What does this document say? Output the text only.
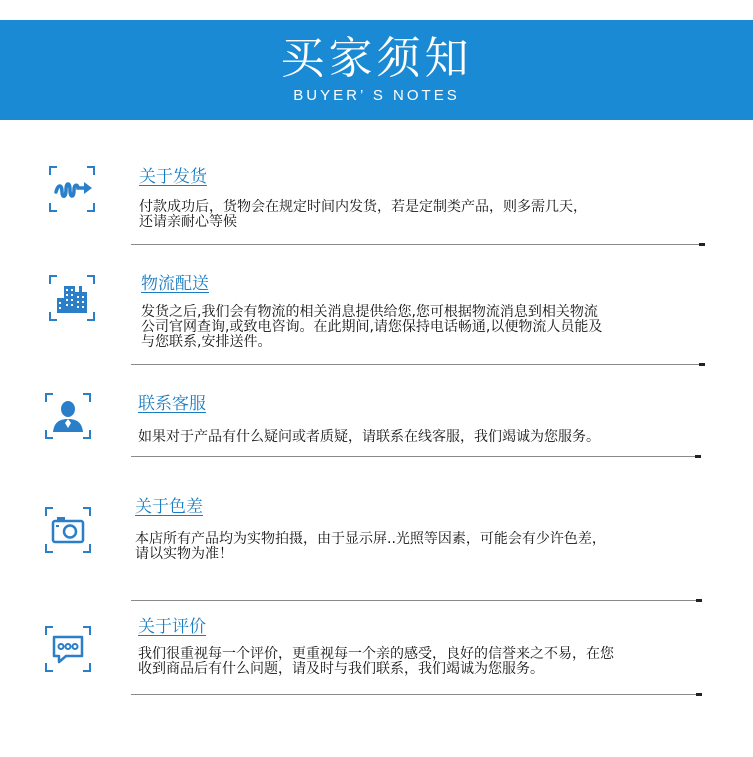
买家须知
BUYER’ S NOTES
关于发货
付款成功后，货物会在规定时间内发货，若是定制类产品，则多需几天，
还请亲耐心等候
物流配送
发货之后,我们会有物流的相关消息提供给您,您可根据物流消息到相关物流
公司官网查询,或致电咨询。在此期间,请您保持电话畅通,以便物流人员能及
与您联系,安排送件。
联系客服
如果对于产品有什么疑问或者质疑，请联系在线客服，我们竭诚为您服务。
关于色差
本店所有产品均为实物拍摄，由于显示屏..光照等因素，可能会有少许色差，
请以实物为准！
关于评价
我们很重视每一个评价，更重视每一个亲的感受，良好的信誉来之不易，在您
收到商品后有什么问题，请及时与我们联系，我们竭诚为您服务。
